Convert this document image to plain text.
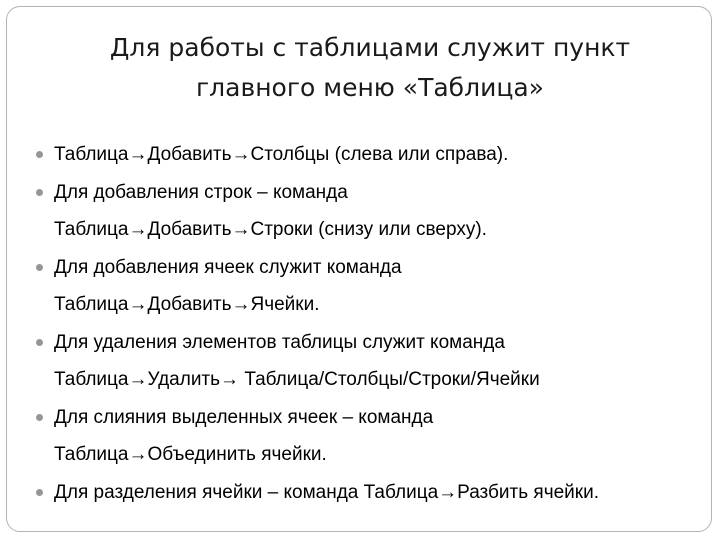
Для работы с таблицами служит пункт
главного меню «Таблица»
Таблица→Добавить→Столбцы (слева или справа).
Для добавления строк – команда
Таблица→Добавить→Строки (снизу или сверху).
Для добавления ячеек служит команда
Таблица→Добавить→Ячейки.
Для удаления элементов таблицы служит команда
Таблица→Удалить→ Таблица/Столбцы/Строки/Ячейки
Для слияния выделенных ячеек – команда
Таблица→Объединить ячейки.
Для разделения ячейки – команда Таблица→Разбить ячейки.
